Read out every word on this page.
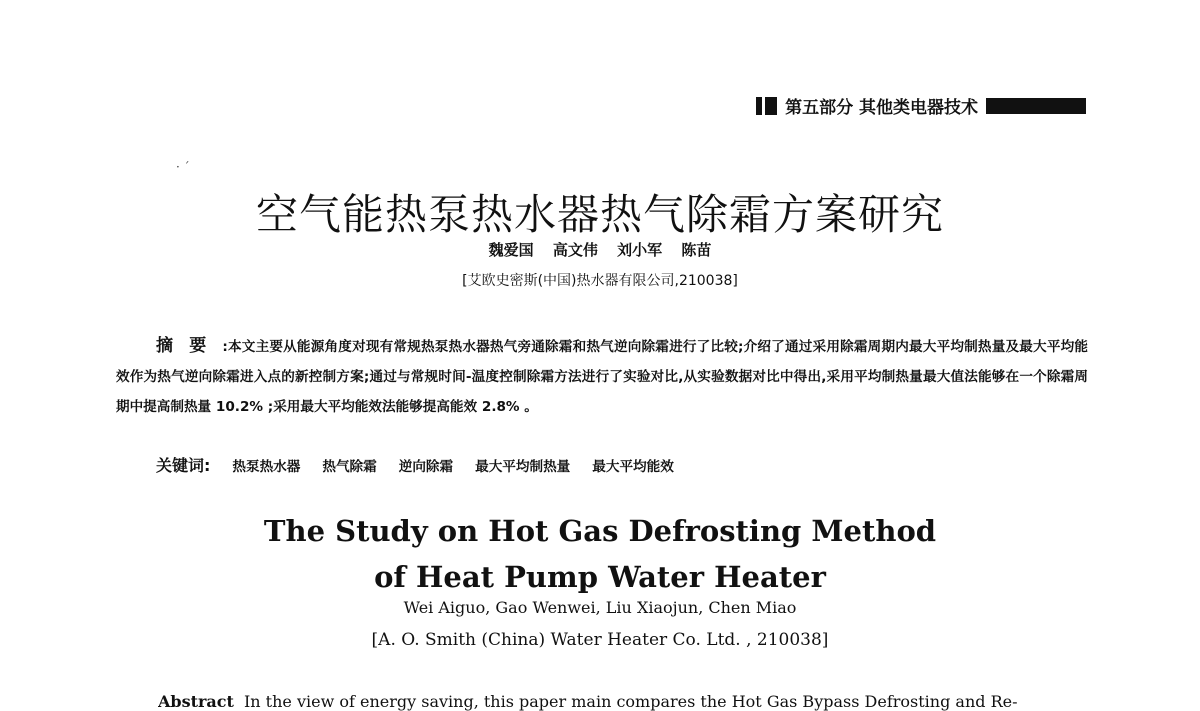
第五部分 其他类电器技术
· ˊ
空气能热泵热水器热气除霜方案研究
魏爱国 高文伟 刘小军 陈苗
[艾欧史密斯(中国)热水器有限公司,210038]
摘要:本文主要从能源角度对现有常规热泵热水器热气旁通除霜和热气逆向除霜进行了比较;介绍了通过采用除霜周期内最大平均制热量及最大平均能效作为热气逆向除霜进入点的新控制方案;通过与常规时间-温度控制除霜方法进行了实验对比,从实验数据对比中得出,采用平均制热量最大值法能够在一个除霜周期中提高制热量 10.2% ;采用最大平均能效法能够提高能效 2.8% 。
关键词: 热泵热水器 热气除霜 逆向除霜 最大平均制热量 最大平均能效
The Study on Hot Gas Defrosting Method
of Heat Pump Water Heater
Wei Aiguo, Gao Wenwei, Liu Xiaojun, Chen Miao
[A. O. Smith (China) Water Heater Co. Ltd. , 210038]
Abstract In the view of energy saving, this paper main compares the Hot Gas Bypass Defrosting and Re-
